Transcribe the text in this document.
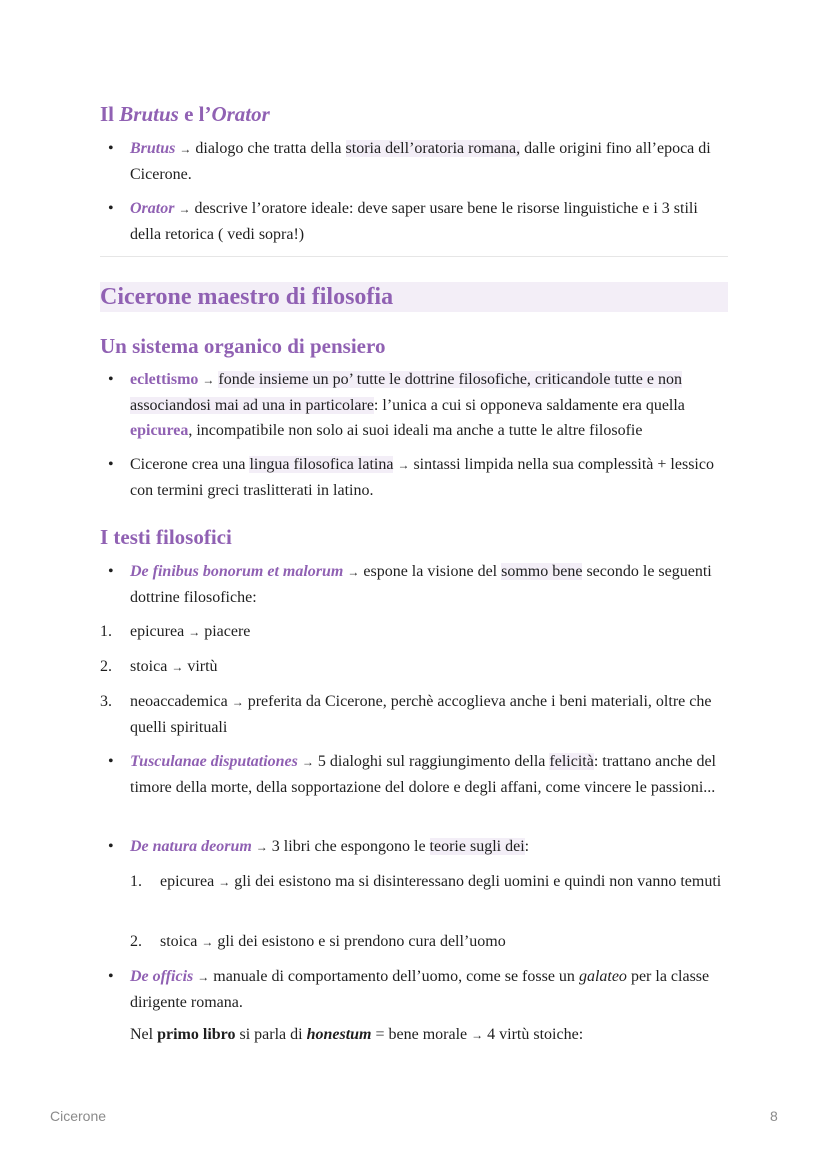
Il Brutus e l’Orator
•	Brutus → dialogo che tratta della storia dell’oratoria romana, dalle origini fino all’epoca di Cicerone.
•	Orator → descrive l’oratore ideale: deve saper usare bene le risorse linguistiche e i 3 stili della retorica ( vedi sopra!)
Cicerone maestro di filosofia
Un sistema organico di pensiero
•	eclettismo → fonde insieme un po’ tutte le dottrine filosofiche, criticandole tutte e non associandosi mai ad una in particolare: l’unica a cui si opponeva saldamente era quella epicurea, incompatibile non solo ai suoi ideali ma anche a tutte le altre filosofie
•	Cicerone crea una lingua filosofica latina → sintassi limpida nella sua complessità + lessico con termini greci traslitterati in latino.
I testi filosofici
•	De finibus bonorum et malorum → espone la visione del sommo bene secondo le seguenti dottrine filosofiche:
1.	epicurea → piacere
2.	stoica → virtù
3.	neoaccademica → preferita da Cicerone, perchè accoglieva anche i beni materiali, oltre che quelli spirituali
•	Tusculanae disputationes → 5 dialoghi sul raggiungimento della felicità: trattano anche del timore della morte, della sopportazione del dolore e degli affani, come vincere le passioni...
•	De natura deorum → 3 libri che espongono le teorie sugli dei:
1.	epicurea → gli dei esistono ma si disinteressano degli uomini e quindi non vanno temuti
2.	stoica → gli dei esistono e si prendono cura dell’uomo
•	De officis → manuale di comportamento dell’uomo, come se fosse un galateo per la classe dirigente romana.
Nel primo libro si parla di honestum = bene morale → 4 virtù stoiche:
Cicerone	8
